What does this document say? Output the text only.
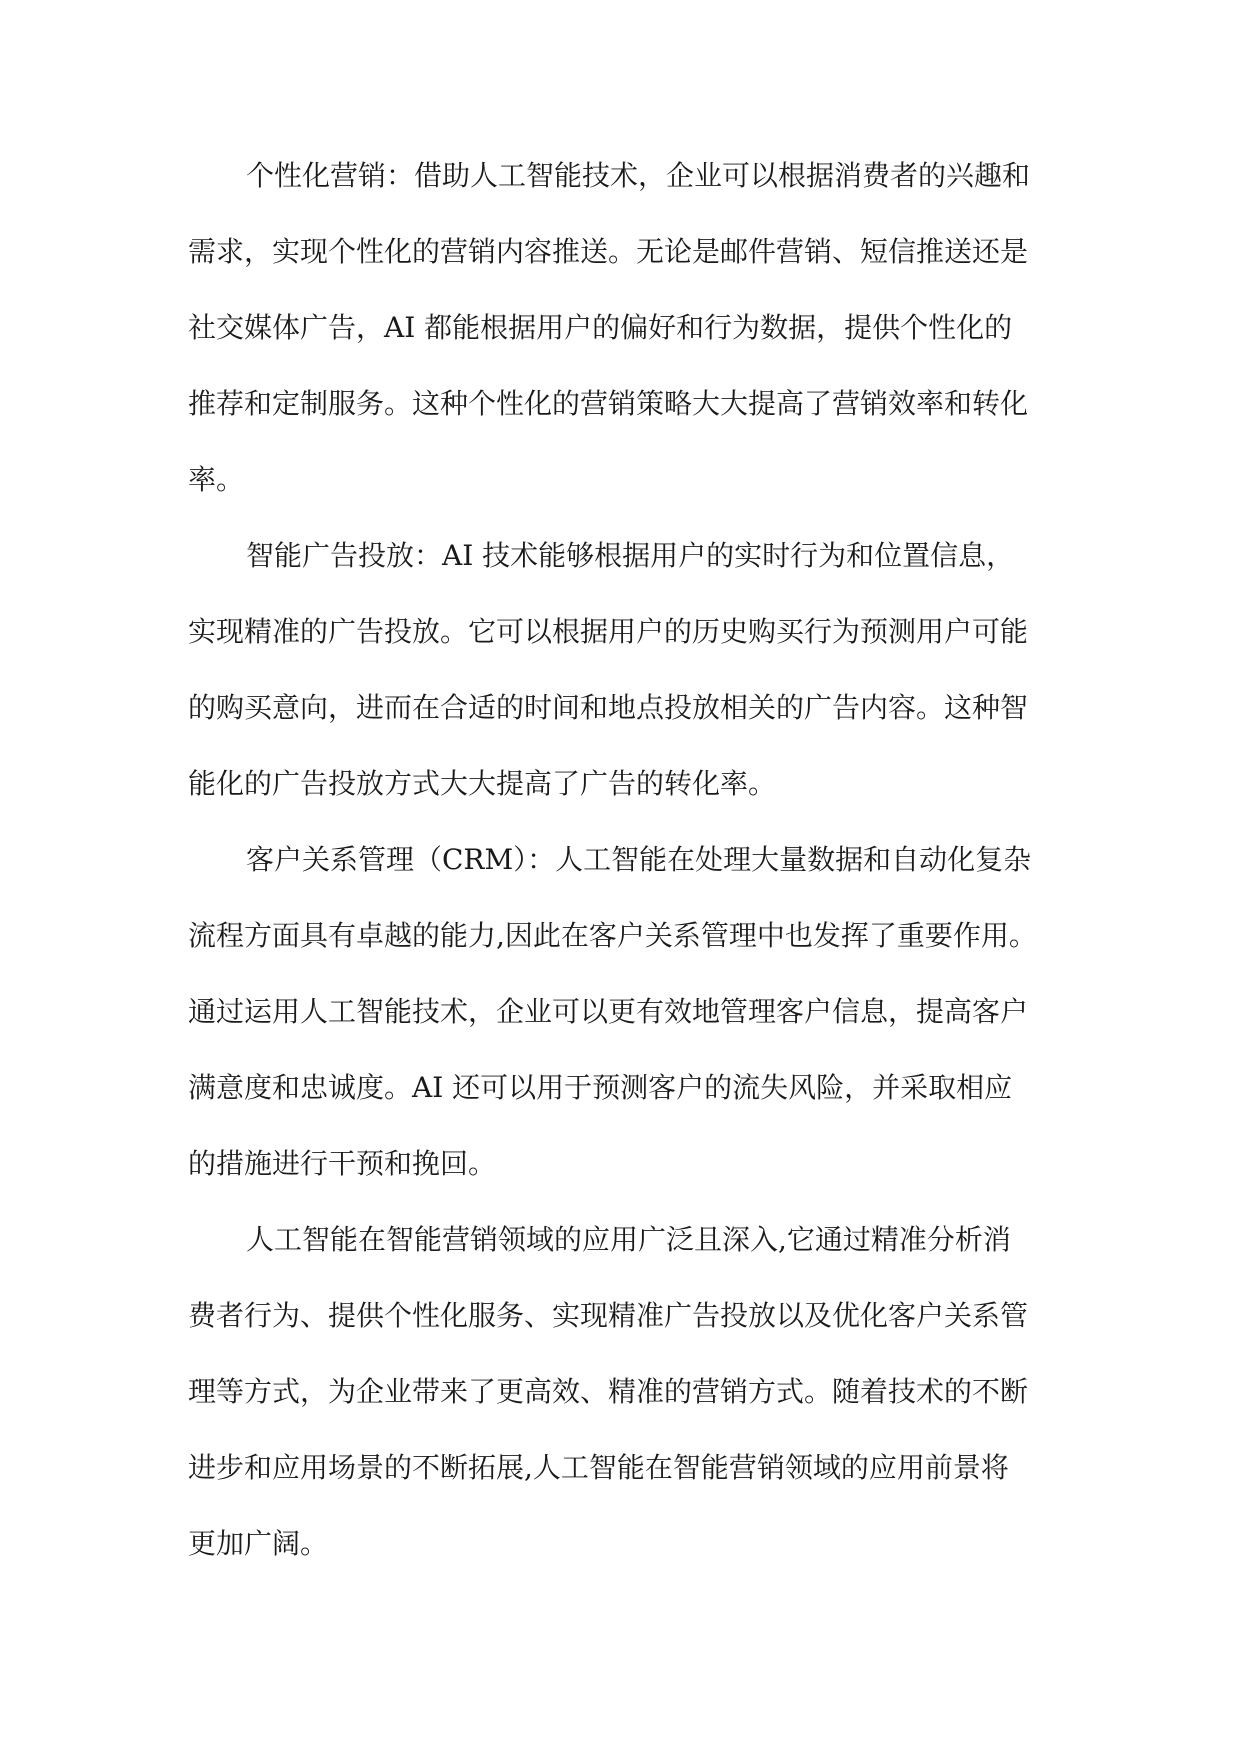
个性化营销：借助人工智能技术，企业可以根据消费者的兴趣和
需求，实现个性化的营销内容推送。无论是邮件营销、短信推送还是
社交媒体广告，AI 都能根据用户的偏好和行为数据，提供个性化的
推荐和定制服务。这种个性化的营销策略大大提高了营销效率和转化
率。
智能广告投放：AI 技术能够根据用户的实时行为和位置信息，
实现精准的广告投放。它可以根据用户的历史购买行为预测用户可能
的购买意向，进而在合适的时间和地点投放相关的广告内容。这种智
能化的广告投放方式大大提高了广告的转化率。
客户关系管理（CRM）：人工智能在处理大量数据和自动化复杂
流程方面具有卓越的能力,因此在客户关系管理中也发挥了重要作用。
通过运用人工智能技术，企业可以更有效地管理客户信息，提高客户
满意度和忠诚度。AI 还可以用于预测客户的流失风险，并采取相应
的措施进行干预和挽回。
人工智能在智能营销领域的应用广泛且深入,它通过精准分析消
费者行为、提供个性化服务、实现精准广告投放以及优化客户关系管
理等方式，为企业带来了更高效、精准的营销方式。随着技术的不断
进步和应用场景的不断拓展,人工智能在智能营销领域的应用前景将
更加广阔。
